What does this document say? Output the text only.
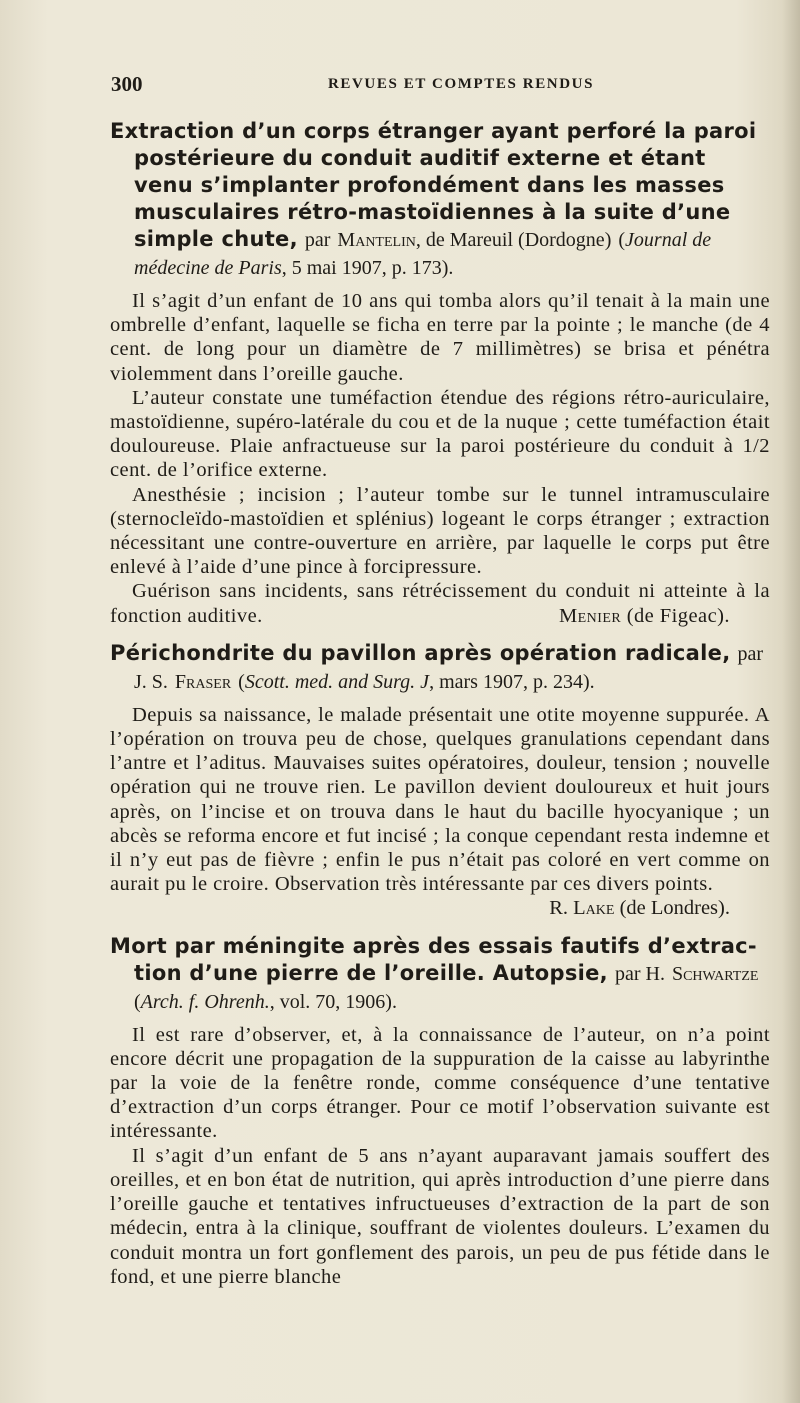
300	REVUES ET COMPTES RENDUS

Extraction d’un corps étranger ayant perforé la paroi postérieure du conduit auditif externe et étant venu s’implanter profondément dans les masses musculaires rétro-mastoïdiennes à la suite d’une simple chute, par Mantelin, de Mareuil (Dordogne) (Journal de médecine de Paris, 5 mai 1907, p. 173).

Il s’agit d’un enfant de 10 ans qui tomba alors qu’il tenait à la main une ombrelle d’enfant, laquelle se ficha en terre par la pointe ; le manche (de 4 cent. de long pour un diamètre de 7 millimètres) se brisa et pénétra violemment dans l’oreille gauche.

L’auteur constate une tuméfaction étendue des régions rétro-auriculaire, mastoïdienne, supéro-latérale du cou et de la nuque ; cette tuméfaction était douloureuse. Plaie anfractueuse sur la paroi postérieure du conduit à 1/2 cent. de l’orifice externe.

Anesthésie ; incision ; l’auteur tombe sur le tunnel intramusculaire (sternocleïdo-mastoïdien et splénius) logeant le corps étranger ; extraction nécessitant une contre-ouverture en arrière, par laquelle le corps put être enlevé à l’aide d’une pince à forcipressure.

Guérison sans incidents, sans rétrécissement du conduit ni atteinte à la fonction auditive.	Menier (de Figeac).

Périchondrite du pavillon après opération radicale, par J. S. Fraser (Scott. med. and Surg. J, mars 1907, p. 234).

Depuis sa naissance, le malade présentait une otite moyenne suppurée. A l’opération on trouva peu de chose, quelques granulations cependant dans l’antre et l’aditus. Mauvaises suites opératoires, douleur, tension ; nouvelle opération qui ne trouve rien. Le pavillon devient douloureux et huit jours après, on l’incise et on trouva dans le haut du bacille hyocyanique ; un abcès se reforma encore et fut incisé ; la conque cependant resta indemne et il n’y eut pas de fièvre ; enfin le pus n’était pas coloré en vert comme on aurait pu le croire. Observation très intéressante par ces divers points.

R. Lake (de Londres).

Mort par méningite après des essais fautifs d’extraction d’une pierre de l’oreille. Autopsie, par H. Schwartze (Arch. f. Ohrenh., vol. 70, 1906).

Il est rare d’observer, et, à la connaissance de l’auteur, on n’a point encore décrit une propagation de la suppuration de la caisse au labyrinthe par la voie de la fenêtre ronde, comme conséquence d’une tentative d’extraction d’un corps étranger. Pour ce motif l’observation suivante est intéressante.

Il s’agit d’un enfant de 5 ans n’ayant auparavant jamais souffert des oreilles, et en bon état de nutrition, qui après introduction d’une pierre dans l’oreille gauche et tentatives infructueuses d’extraction de la part de son médecin, entra à la clinique, souffrant de violentes douleurs. L’examen du conduit montra un fort gonflement des parois, un peu de pus fétide dans le fond, et une pierre blanche
